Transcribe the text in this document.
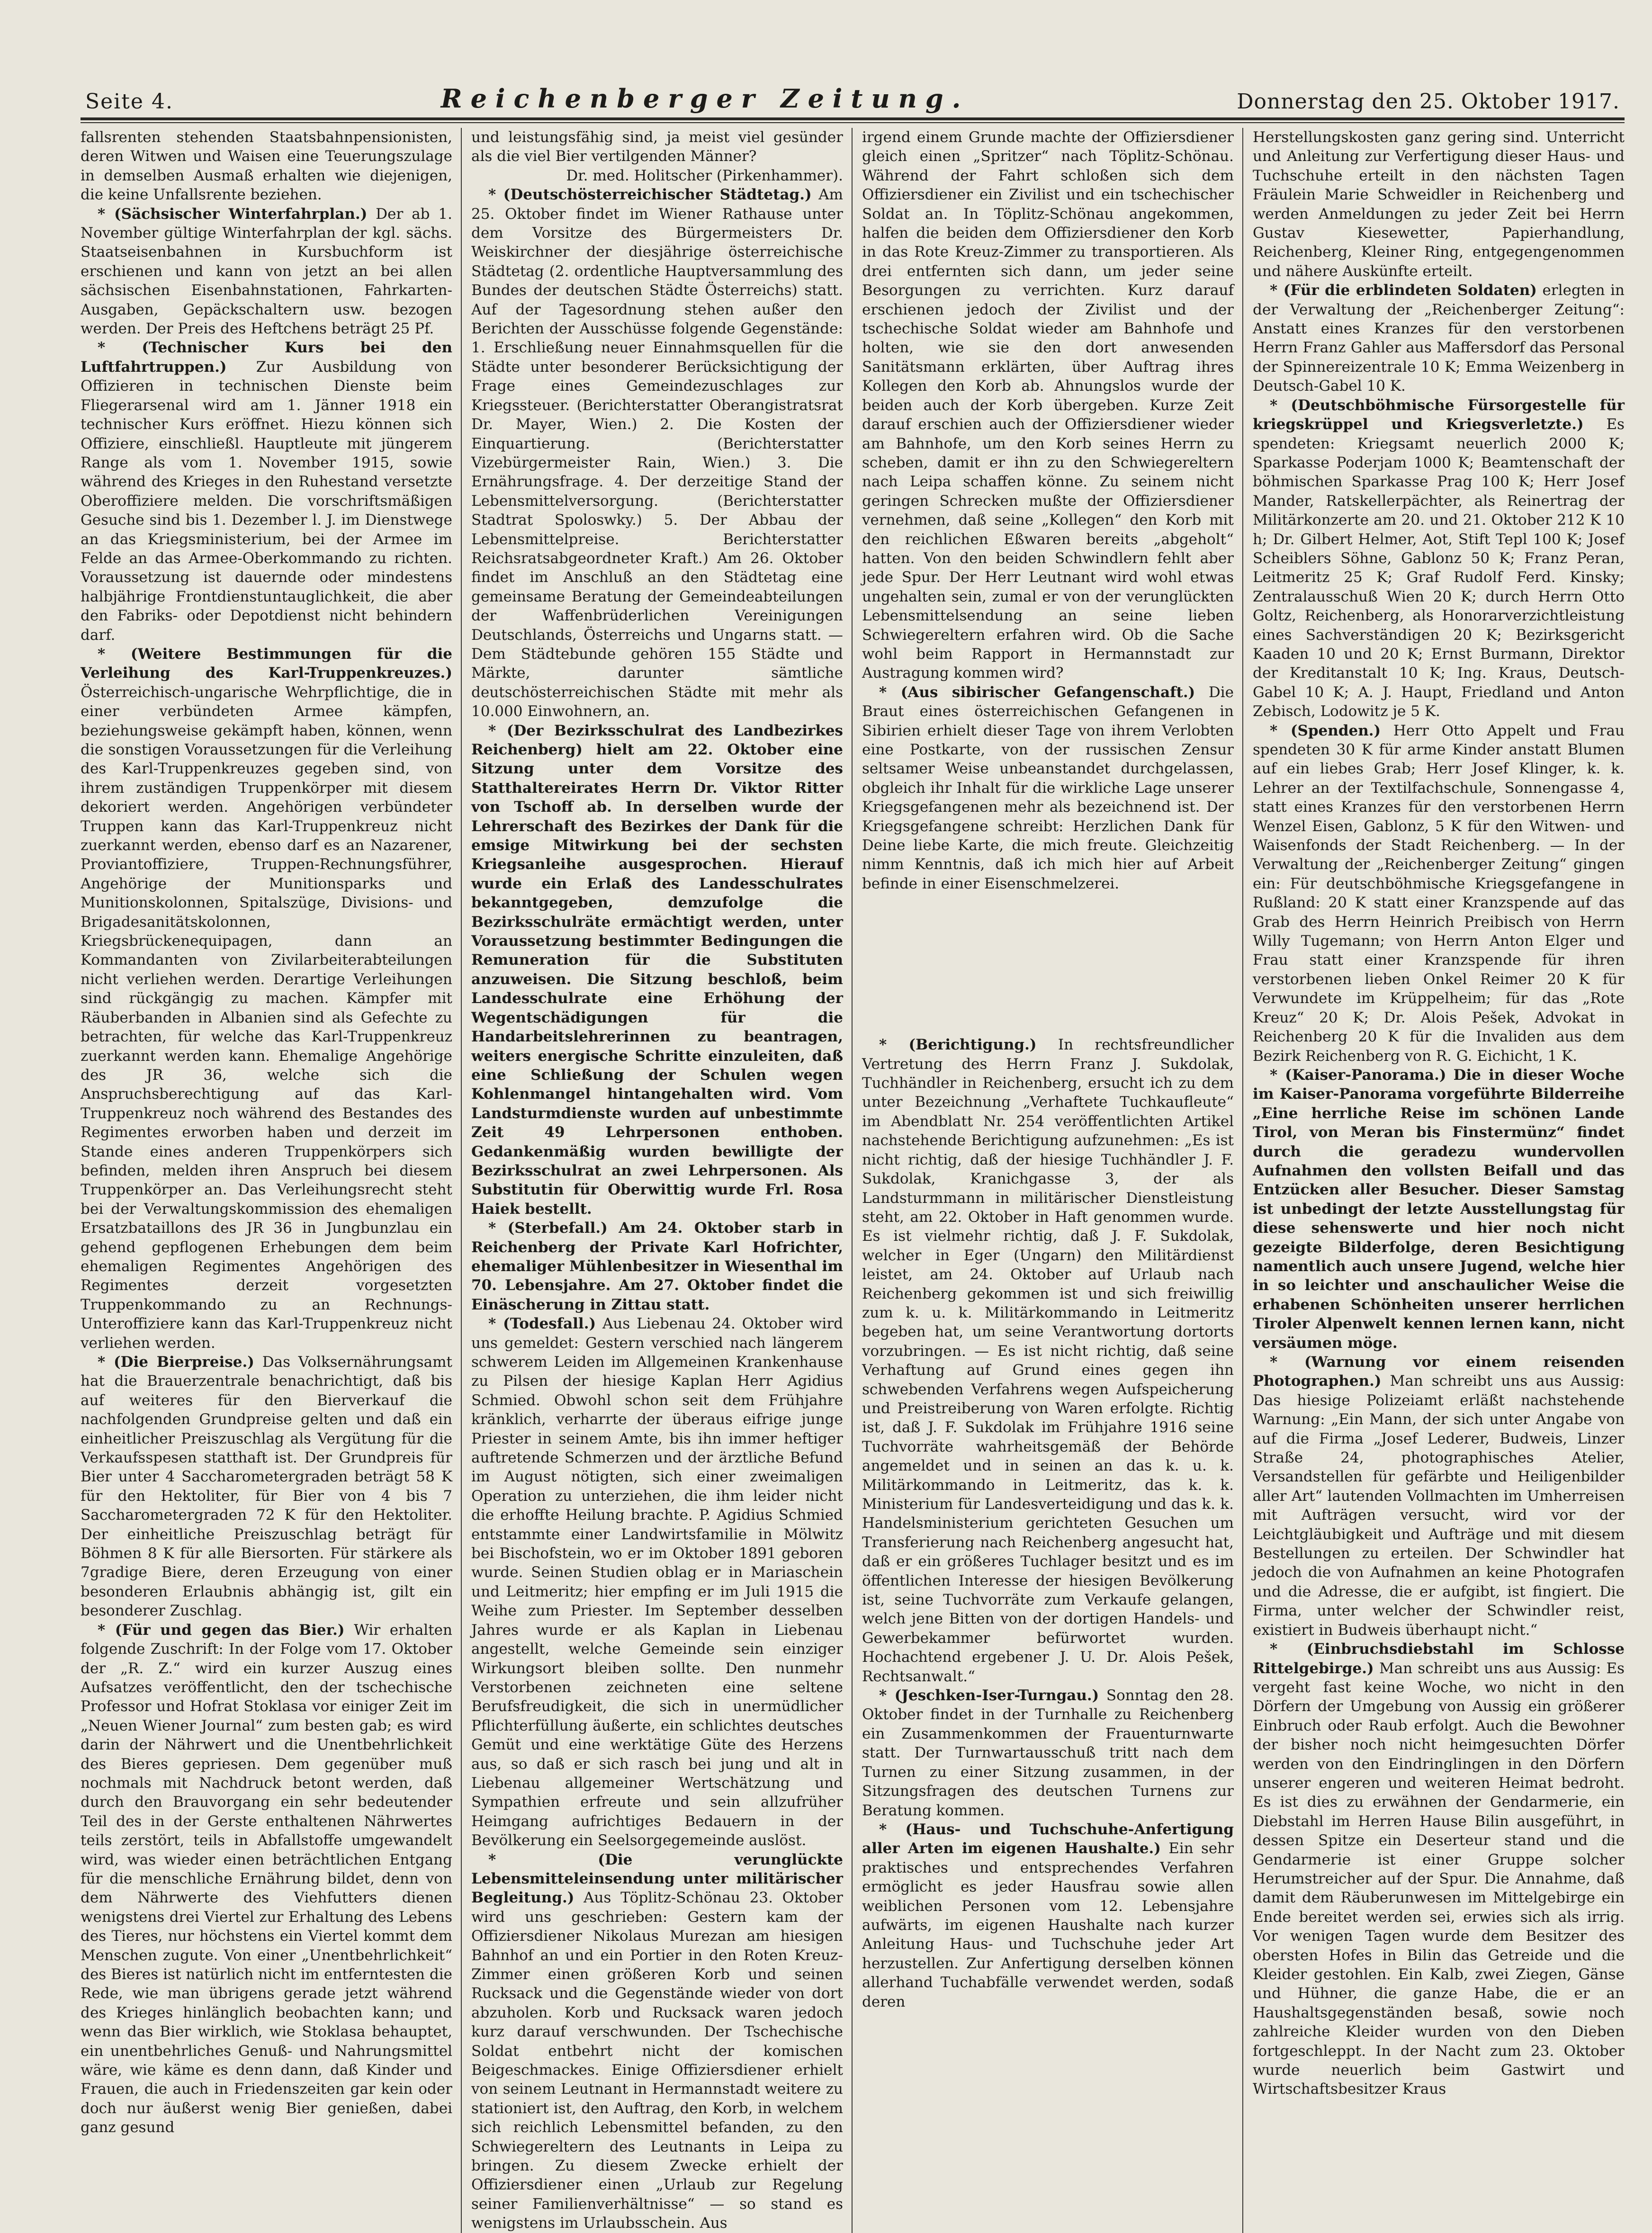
Seite 4.	Reichenberger Zeitung.	Donnerstag den 25. Oktober 1917.

fallsrenten stehenden Staatsbahnpensionisten, deren Witwen und Waisen eine Teuerungszulage in demselben Ausmaß erhalten wie diejenigen, die keine Unfallsrente beziehen.

* (Sächsischer Winterfahrplan.) Der ab 1. November gültige Winterfahrplan der kgl. sächs. Staatseisenbahnen in Kursbuchform ist erschienen und kann von jetzt an bei allen sächsischen Eisenbahnstationen, Fahrkarten-Ausgaben, Gepäckschaltern usw. bezogen werden. Der Preis des Heftchens beträgt 25 Pf.

* (Technischer Kurs bei den Luftfahrtruppen.) Zur Ausbildung von Offizieren in technischen Dienste beim Fliegerarsenal wird am 1. Jänner 1918 ein technischer Kurs eröffnet. Hiezu können sich Offiziere, einschließl. Hauptleute mit jüngerem Range als vom 1. November 1915, sowie während des Krieges in den Ruhestand versetzte Oberoffiziere melden. Die vorschriftsmäßigen Gesuche sind bis 1. Dezember l. J. im Dienstwege an das Kriegsministerium, bei der Armee im Felde an das Armee-Oberkommando zu richten. Voraussetzung ist dauernde oder mindestens halbjährige Frontdienstuntauglichkeit, die aber den Fabriks- oder Depotdienst nicht behindern darf.

* (Weitere Bestimmungen für die Verleihung des Karl-Truppenkreuzes.) Österreichisch-ungarische Wehrpflichtige, die in einer verbündeten Armee kämpfen, beziehungsweise gekämpft haben, können, wenn die sonstigen Voraussetzungen für die Verleihung des Karl-Truppenkreuzes gegeben sind, von ihrem zuständigen Truppenkörper mit diesem dekoriert werden. Angehörigen verbündeter Truppen kann das Karl-Truppenkreuz nicht zuerkannt werden, ebenso darf es an Nazarener, Proviantoffiziere, Truppen-Rechnungsführer, Angehörige der Munitionsparks und Munitionskolonnen, Spitalszüge, Divisions- und Brigadesanitätskolonnen, Kriegsbrückenequipagen, dann an Kommandanten von Zivilarbeiterabteilungen nicht verliehen werden. Derartige Verleihungen sind rückgängig zu machen. Kämpfer mit Räuberbanden in Albanien sind als Gefechte zu betrachten, für welche das Karl-Truppenkreuz zuerkannt werden kann. Ehemalige Angehörige des JR 36, welche sich die Anspruchsberechtigung auf das Karl-Truppenkreuz noch während des Bestandes des Regimentes erworben haben und derzeit im Stande eines anderen Truppenkörpers sich befinden, melden ihren Anspruch bei diesem Truppenkörper an. Das Verleihungsrecht steht bei der Verwaltungskommission des ehemaligen Ersatzbataillons des JR 36 in Jungbunzlau ein gehend gepflogenen Erhebungen dem beim ehemaligen Regimentes Angehörigen des Regimentes derzeit vorgesetzten Truppenkommando zu an Rechnungs-Unteroffiziere kann das Karl-Truppenkreuz nicht verliehen werden.

* (Die Bierpreise.) Das Volksernährungsamt hat die Brauerzentrale benachrichtigt, daß bis auf weiteres für den Bierverkauf die nachfolgenden Grundpreise gelten und daß ein einheitlicher Preiszuschlag als Vergütung für die Verkaufsspesen statthaft ist. Der Grundpreis für Bier unter 4 Saccharometergraden beträgt 58 K für den Hektoliter, für Bier von 4 bis 7 Saccharometergraden 72 K für den Hektoliter. Der einheitliche Preiszuschlag beträgt für Böhmen 8 K für alle Biersorten. Für stärkere als 7gradige Biere, deren Erzeugung von einer besonderen Erlaubnis abhängig ist, gilt ein besonderer Zuschlag.

* (Für und gegen das Bier.) Wir erhalten folgende Zuschrift: In der Folge vom 17. Oktober der „R. Z.“ wird ein kurzer Auszug eines Aufsatzes veröffentlicht, den der tschechische Professor und Hofrat Stoklasa vor einiger Zeit im „Neuen Wiener Journal“ zum besten gab; es wird darin der Nährwert und die Unentbehrlichkeit des Bieres gepriesen. Dem gegenüber muß nochmals mit Nachdruck betont werden, daß durch den Brauvorgang ein sehr bedeutender Teil des in der Gerste enthaltenen Nährwertes teils zerstört, teils in Abfallstoffe umgewandelt wird, was wieder einen beträchtlichen Entgang für die menschliche Ernährung bildet, denn von dem Nährwerte des Viehfutters dienen wenigstens drei Viertel zur Erhaltung des Lebens des Tieres, nur höchstens ein Viertel kommt dem Menschen zugute. Von einer „Unentbehrlichkeit“ des Bieres ist natürlich nicht im entferntesten die Rede, wie man übrigens gerade jetzt während des Krieges hinlänglich beobachten kann; und wenn das Bier wirklich, wie Stoklasa behauptet, ein unentbehrliches Genuß- und Nahrungsmittel wäre, wie käme es denn dann, daß Kinder und Frauen, die auch in Friedenszeiten gar kein oder doch nur äußerst wenig Bier genießen, dabei ganz gesund

und leistungsfähig sind, ja meist viel gesünder als die viel Bier vertilgenden Männer?

Dr. med. Holitscher (Pirkenhammer).

* (Deutschösterreichischer Städtetag.) Am 25. Oktober findet im Wiener Rathause unter dem Vorsitze des Bürgermeisters Dr. Weiskirchner der diesjährige österreichische Städtetag (2. ordentliche Hauptversammlung des Bundes der deutschen Städte Österreichs) statt. Auf der Tagesordnung stehen außer den Berichten der Ausschüsse folgende Gegenstände: 1. Erschließung neuer Einnahmsquellen für die Städte unter besonderer Berücksichtigung der Frage eines Gemeindezuschlages zur Kriegssteuer. (Berichterstatter Oberangistratsrat Dr. Mayer, Wien.) 2. Die Kosten der Einquartierung. (Berichterstatter Vizebürgermeister Rain, Wien.) 3. Die Ernährungsfrage. 4. Der derzeitige Stand der Lebensmittelversorgung. (Berichterstatter Stadtrat Spoloswky.) 5. Der Abbau der Lebensmittelpreise. Berichterstatter Reichsratsabgeordneter Kraft.) Am 26. Oktober findet im Anschluß an den Städtetag eine gemeinsame Beratung der Gemeindeabteilungen der Waffenbrüderlichen Vereinigungen Deutschlands, Österreichs und Ungarns statt. — Dem Städtebunde gehören 155 Städte und Märkte, darunter sämtliche deutschösterreichischen Städte mit mehr als 10.000 Einwohnern, an.

* (Der Bezirksschulrat des Landbezirkes Reichenberg) hielt am 22. Oktober eine Sitzung unter dem Vorsitze des Statthaltereirates Herrn Dr. Viktor Ritter von Tschoff ab. In derselben wurde der Lehrerschaft des Bezirkes der Dank für die emsige Mitwirkung bei der sechsten Kriegsanleihe ausgesprochen. Hierauf wurde ein Erlaß des Landesschulrates bekanntgegeben, demzufolge die Bezirksschulräte ermächtigt werden, unter Voraussetzung bestimmter Bedingungen die Remuneration für die Substituten anzuweisen. Die Sitzung beschloß, beim Landesschulrate eine Erhöhung der Wegentschädigungen für die Handarbeitslehrerinnen zu beantragen, weiters energische Schritte einzuleiten, daß eine Schließung der Schulen wegen Kohlenmangel hintangehalten wird. Vom Landsturmdienste wurden auf unbestimmte Zeit 49 Lehrpersonen enthoben. Gedankenmäßig wurden bewilligte der Bezirksschulrat an zwei Lehrpersonen. Als Substitutin für Oberwittig wurde Frl. Rosa Haiek bestellt.

* (Sterbefall.) Am 24. Oktober starb in Reichenberg der Private Karl Hofrichter, ehemaliger Mühlenbesitzer in Wiesenthal im 70. Lebensjahre. Am 27. Oktober findet die Einäscherung in Zittau statt.

* (Todesfall.) Aus Liebenau 24. Oktober wird uns gemeldet: Gestern verschied nach längerem schwerem Leiden im Allgemeinen Krankenhause zu Pilsen der hiesige Kaplan Herr Agidius Schmied. Obwohl schon seit dem Frühjahre kränklich, verharrte der überaus eifrige junge Priester in seinem Amte, bis ihn immer heftiger auftretende Schmerzen und der ärztliche Befund im August nötigten, sich einer zweimaligen Operation zu unterziehen, die ihm leider nicht die erhoffte Heilung brachte. P. Agidius Schmied entstammte einer Landwirtsfamilie in Mölwitz bei Bischofstein, wo er im Oktober 1891 geboren wurde. Seinen Studien oblag er in Mariaschein und Leitmeritz; hier empfing er im Juli 1915 die Weihe zum Priester. Im September desselben Jahres wurde er als Kaplan in Liebenau angestellt, welche Gemeinde sein einziger Wirkungsort bleiben sollte. Den nunmehr Verstorbenen zeichneten eine seltene Berufsfreudigkeit, die sich in unermüdlicher Pflichterfüllung äußerte, ein schlichtes deutsches Gemüt und eine werktätige Güte des Herzens aus, so daß er sich rasch bei jung und alt in Liebenau allgemeiner Wertschätzung und Sympathien erfreute und sein allzufrüher Heimgang aufrichtiges Bedauern in der Bevölkerung ein Seelsorgegemeinde auslöst.

* (Die verunglückte Lebensmitteleinsendung unter militärischer Begleitung.) Aus Töplitz-Schönau 23. Oktober wird uns geschrieben: Gestern kam der Offiziersdiener Nikolaus Murezan am hiesigen Bahnhof an und ein Portier in den Roten Kreuz-Zimmer einen größeren Korb und seinen Rucksack und die Gegenstände wieder von dort abzuholen. Korb und Rucksack waren jedoch kurz darauf verschwunden. Der Tschechische Soldat entbehrt nicht der komischen Beigeschmackes. Einige Offiziersdiener erhielt von seinem Leutnant in Hermannstadt weitere zu stationiert ist, den Auftrag, den Korb, in welchem sich reichlich Lebensmittel befanden, zu den Schwiegereltern des Leutnants in Leipa zu bringen. Zu diesem Zwecke erhielt der Offiziersdiener einen „Urlaub zur Regelung seiner Familienverhältnisse“ — so stand es wenigstens im Urlaubsschein. Aus

irgend einem Grunde machte der Offiziersdiener gleich einen „Spritzer“ nach Töplitz-Schönau. Während der Fahrt schloßen sich dem Offiziersdiener ein Zivilist und ein tschechischer Soldat an. In Töplitz-Schönau angekommen, halfen die beiden dem Offiziersdiener den Korb in das Rote Kreuz-Zimmer zu transportieren. Als drei entfernten sich dann, um jeder seine Besorgungen zu verrichten. Kurz darauf erschienen jedoch der Zivilist und der tschechische Soldat wieder am Bahnhofe und holten, wie sie den dort anwesenden Sanitätsmann erklärten, über Auftrag ihres Kollegen den Korb ab. Ahnungslos wurde der beiden auch der Korb übergeben. Kurze Zeit darauf erschien auch der Offiziersdiener wieder am Bahnhofe, um den Korb seines Herrn zu scheben, damit er ihn zu den Schwiegereltern nach Leipa schaffen könne. Zu seinem nicht geringen Schrecken mußte der Offiziersdiener vernehmen, daß seine „Kollegen“ den Korb mit den reichlichen Eßwaren bereits „abgeholt“ hatten. Von den beiden Schwindlern fehlt aber jede Spur. Der Herr Leutnant wird wohl etwas ungehalten sein, zumal er von der verunglückten Lebensmittelsendung an seine lieben Schwiegereltern erfahren wird. Ob die Sache wohl beim Rapport in Hermannstadt zur Austragung kommen wird?

* (Aus sibirischer Gefangenschaft.) Die Braut eines österreichischen Gefangenen in Sibirien erhielt dieser Tage von ihrem Verlobten eine Postkarte, von der russischen Zensur seltsamer Weise unbeanstandet durchgelassen, obgleich ihr Inhalt für die wirkliche Lage unserer Kriegsgefangenen mehr als bezeichnend ist. Der Kriegsgefangene schreibt: Herzlichen Dank für Deine liebe Karte, die mich freute. Gleichzeitig nimm Kenntnis, daß ich mich hier auf Arbeit befinde in einer Eisenschmelzerei.

* (Berichtigung.) In rechtsfreundlicher Vertretung des Herrn Franz J. Sukdolak, Tuchhändler in Reichenberg, ersucht ich zu dem unter Bezeichnung „Verhaftete Tuchkaufleute“ im Abendblatt Nr. 254 veröffentlichten Artikel nachstehende Berichtigung aufzunehmen: „Es ist nicht richtig, daß der hiesige Tuchhändler J. F. Sukdolak, Kranichgasse 3, der als Landsturmmann in militärischer Dienstleistung steht, am 22. Oktober in Haft genommen wurde. Es ist vielmehr richtig, daß J. F. Sukdolak, welcher in Eger (Ungarn) den Militärdienst leistet, am 24. Oktober auf Urlaub nach Reichenberg gekommen ist und sich freiwillig zum k. u. k. Militärkommando in Leitmeritz begeben hat, um seine Verantwortung dortorts vorzubringen. — Es ist nicht richtig, daß seine Verhaftung auf Grund eines gegen ihn schwebenden Verfahrens wegen Aufspeicherung und Preistreiberung von Waren erfolgte. Richtig ist, daß J. F. Sukdolak im Frühjahre 1916 seine Tuchvorräte wahrheitsgemäß der Behörde angemeldet und in seinen an das k. u. k. Militärkommando in Leitmeritz, das k. k. Ministerium für Landesverteidigung und das k. k. Handelsministerium gerichteten Gesuchen um Transferierung nach Reichenberg angesucht hat, daß er ein größeres Tuchlager besitzt und es im öffentlichen Interesse der hiesigen Bevölkerung ist, seine Tuchvorräte zum Verkaufe gelangen, welch jene Bitten von der dortigen Handels- und Gewerbekammer befürwortet wurden. Hochachtend ergebener J. U. Dr. Alois Pešek, Rechtsanwalt.“

* (Jeschken-Iser-Turngau.) Sonntag den 28. Oktober findet in der Turnhalle zu Reichenberg ein Zusammenkommen der Frauenturnwarte statt. Der Turnwartausschuß tritt nach dem Turnen zu einer Sitzung zusammen, in der Sitzungsfragen des deutschen Turnens zur Beratung kommen.

* (Haus- und Tuchschuhe-Anfertigung aller Arten im eigenen Haushalte.) Ein sehr praktisches und entsprechendes Verfahren ermöglicht es jeder Hausfrau sowie allen weiblichen Personen vom 12. Lebensjahre aufwärts, im eigenen Haushalte nach kurzer Anleitung Haus- und Tuchschuhe jeder Art herzustellen. Zur Anfertigung derselben können allerhand Tuchabfälle verwendet werden, sodaß deren

Herstellungskosten ganz gering sind. Unterricht und Anleitung zur Verfertigung dieser Haus- und Tuchschuhe erteilt in den nächsten Tagen Fräulein Marie Schweidler in Reichenberg und werden Anmeldungen zu jeder Zeit bei Herrn Gustav Kiesewetter, Papierhandlung, Reichenberg, Kleiner Ring, entgegengenommen und nähere Auskünfte erteilt.

* (Für die erblindeten Soldaten) erlegten in der Verwaltung der „Reichenberger Zeitung“: Anstatt eines Kranzes für den verstorbenen Herrn Franz Gahler aus Maffersdorf das Personal der Spinnereizentrale 10 K; Emma Weizenberg in Deutsch-Gabel 10 K.

* (Deutschböhmische Fürsorgestelle für kriegskrüppel und Kriegsverletzte.) Es spendeten: Kriegsamt neuerlich 2000 K; Sparkasse Poderjam 1000 K; Beamtenschaft der böhmischen Sparkasse Prag 100 K; Herr Josef Mander, Ratskellerpächter, als Reinertrag der Militärkonzerte am 20. und 21. Oktober 212 K 10 h; Dr. Gilbert Helmer, Aot, Stift Tepl 100 K; Josef Scheiblers Söhne, Gablonz 50 K; Franz Peran, Leitmeritz 25 K; Graf Rudolf Ferd. Kinsky; Zentralausschuß Wien 20 K; durch Herrn Otto Goltz, Reichenberg, als Honorarverzichtleistung eines Sachverständigen 20 K; Bezirksgericht Kaaden 10 und 20 K; Ernst Burmann, Direktor der Kreditanstalt 10 K; Ing. Kraus, Deutsch-Gabel 10 K; A. J. Haupt, Friedland und Anton Zebisch, Lodowitz je 5 K.

* (Spenden.) Herr Otto Appelt und Frau spendeten 30 K für arme Kinder anstatt Blumen auf ein liebes Grab; Herr Josef Klinger, k. k. Lehrer an der Textilfachschule, Sonnengasse 4, statt eines Kranzes für den verstorbenen Herrn Wenzel Eisen, Gablonz, 5 K für den Witwen- und Waisenfonds der Stadt Reichenberg. — In der Verwaltung der „Reichenberger Zeitung“ gingen ein: Für deutschböhmische Kriegsgefangene in Rußland: 20 K statt einer Kranzspende auf das Grab des Herrn Heinrich Preibisch von Herrn Willy Tugemann; von Herrn Anton Elger und Frau statt einer Kranzspende für ihren verstorbenen lieben Onkel Reimer 20 K für Verwundete im Krüppelheim; für das „Rote Kreuz“ 20 K; Dr. Alois Pešek, Advokat in Reichenberg 20 K für die Invaliden aus dem Bezirk Reichenberg von R. G. Eichicht, 1 K.

* (Kaiser-Panorama.) Die in dieser Woche im Kaiser-Panorama vorgeführte Bilderreihe „Eine herrliche Reise im schönen Lande Tirol, von Meran bis Finstermünz“ findet durch die geradezu wundervollen Aufnahmen den vollsten Beifall und das Entzücken aller Besucher. Dieser Samstag ist unbedingt der letzte Ausstellungstag für diese sehenswerte und hier noch nicht gezeigte Bilderfolge, deren Besichtigung namentlich auch unsere Jugend, welche hier in so leichter und anschaulicher Weise die erhabenen Schönheiten unserer herrlichen Tiroler Alpenwelt kennen lernen kann, nicht versäumen möge.

* (Warnung vor einem reisenden Photographen.) Man schreibt uns aus Aussig: Das hiesige Polizeiamt erläßt nachstehende Warnung: „Ein Mann, der sich unter Angabe von auf die Firma „Josef Lederer, Budweis, Linzer Straße 24, photographisches Atelier, Versandstellen für gefärbte und Heiligenbilder aller Art“ lautenden Vollmachten im Umherreisen mit Aufträgen versucht, wird vor der Leichtgläubigkeit und Aufträge und mit diesem Bestellungen zu erteilen. Der Schwindler hat jedoch die von Aufnahmen an keine Photografen und die Adresse, die er aufgibt, ist fingiert. Die Firma, unter welcher der Schwindler reist, existiert in Budweis überhaupt nicht.“

* (Einbruchsdiebstahl im Schlosse Rittelgebirge.) Man schreibt uns aus Aussig: Es vergeht fast keine Woche, wo nicht in den Dörfern der Umgebung von Aussig ein größerer Einbruch oder Raub erfolgt. Auch die Bewohner der bisher noch nicht heimgesuchten Dörfer werden von den Eindringlingen in den Dörfern unserer engeren und weiteren Heimat bedroht. Es ist dies zu erwähnen der Gendarmerie, ein Diebstahl im Herren Hause Bilin ausgeführt, in dessen Spitze ein Deserteur stand und die Gendarmerie ist einer Gruppe solcher Herumstreicher auf der Spur. Die Annahme, daß damit dem Räuberunwesen im Mittelgebirge ein Ende bereitet werden sei, erwies sich als irrig. Vor wenigen Tagen wurde dem Besitzer des obersten Hofes in Bilin das Getreide und die Kleider gestohlen. Ein Kalb, zwei Ziegen, Gänse und Hühner, die ganze Habe, die er an Haushaltsgegenständen besaß, sowie noch zahlreiche Kleider wurden von den Dieben fortgeschleppt. In der Nacht zum 23. Oktober wurde neuerlich beim Gastwirt und Wirtschaftsbesitzer Kraus
